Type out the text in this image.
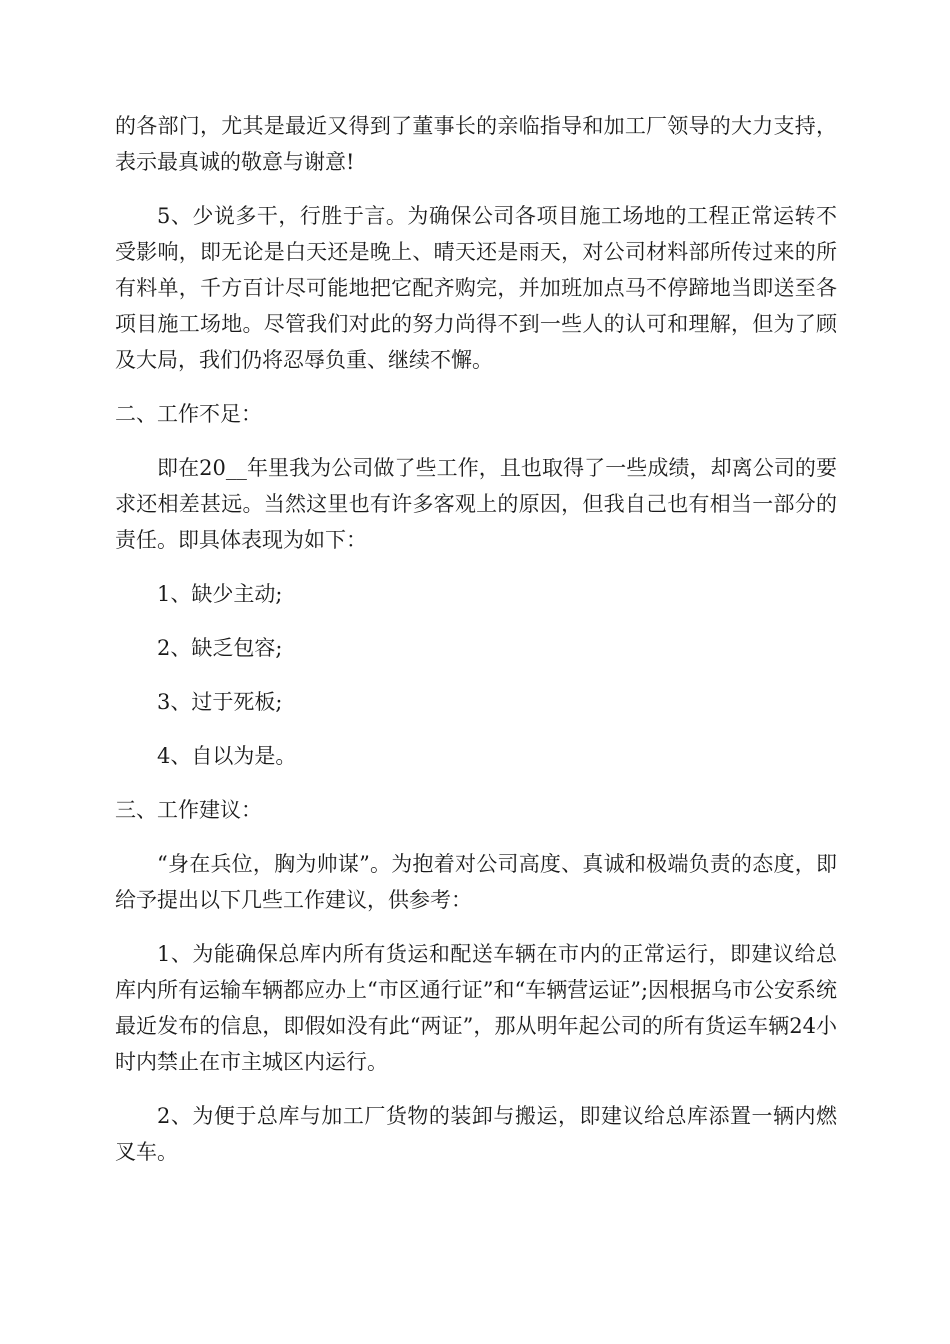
的各部门，尤其是最近又得到了董事长的亲临指导和加工厂领导的大力支持，表示最真诚的敬意与谢意!

5、少说多干，行胜于言。为确保公司各项目施工场地的工程正常运转不受影响，即无论是白天还是晚上、晴天还是雨天，对公司材料部所传过来的所有料单，千方百计尽可能地把它配齐购完，并加班加点马不停蹄地当即送至各项目施工场地。尽管我们对此的努力尚得不到一些人的认可和理解，但为了顾及大局，我们仍将忍辱负重、继续不懈。

二、工作不足：

即在20__年里我为公司做了些工作，且也取得了一些成绩，却离公司的要求还相差甚远。当然这里也有许多客观上的原因，但我自己也有相当一部分的责任。即具体表现为如下：

1、缺少主动;

2、缺乏包容;

3、过于死板;

4、自以为是。

三、工作建议：

“身在兵位，胸为帅谋”。为抱着对公司高度、真诚和极端负责的态度，即给予提出以下几些工作建议，供参考：

1、为能确保总库内所有货运和配送车辆在市内的正常运行，即建议给总库内所有运输车辆都应办上“市区通行证”和“车辆营运证”;因根据乌市公安系统最近发布的信息，即假如没有此“两证”，那从明年起公司的所有货运车辆24小时内禁止在市主城区内运行。

2、为便于总库与加工厂货物的装卸与搬运，即建议给总库添置一辆内燃叉车。
